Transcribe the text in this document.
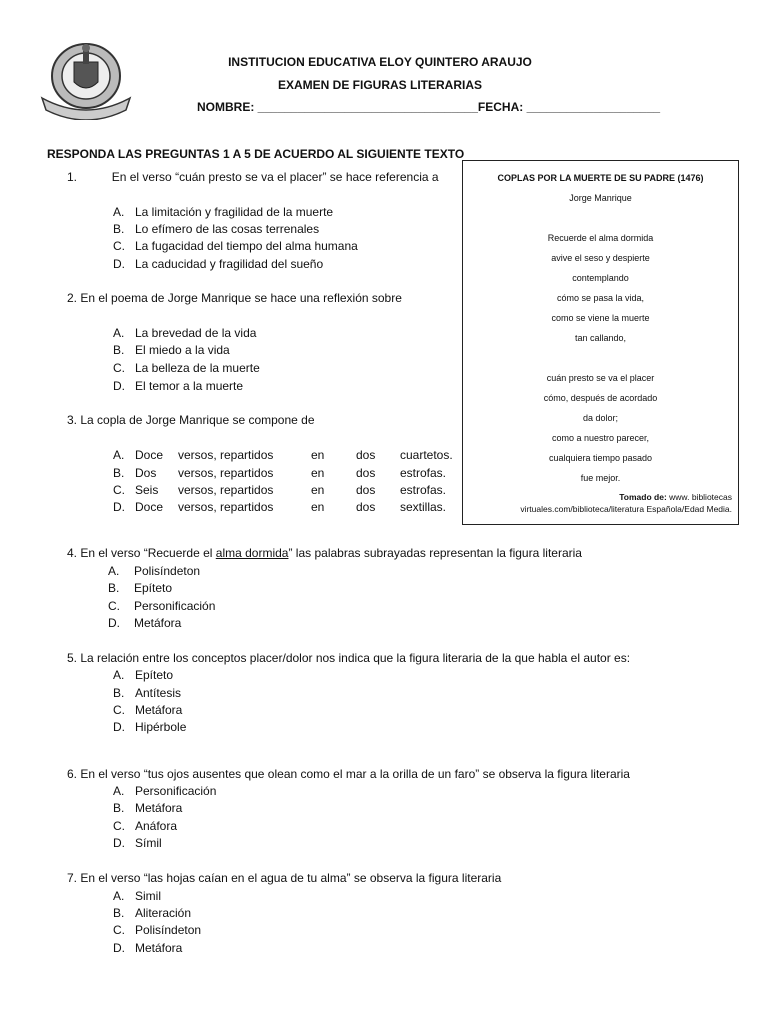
INSTITUCION EDUCATIVA ELOY QUINTERO ARAUJO
EXAMEN DE FIGURAS LITERARIAS
NOMBRE: _________________________________FECHA: ____________________
RESPONDA LAS PREGUNTAS 1 A 5 DE ACUERDO AL SIGUIENTE TEXTO
COPLAS POR LA MUERTE DE SU PADRE (1476)
Jorge Manrique
Recuerde el alma dormida
avive el seso y despierte
contemplando
cómo se pasa la vida,
como se viene la muerte
tan callando,
cuán presto se va el placer
cómo, después de acordado
da dolor;
como a nuestro parecer,
cualquiera tiempo pasado
fue mejor.
Tomado de: www. bibliotecas
virtuales.com/biblioteca/literatura Española/Edad Media.
1.	En el verso “cuán presto se va el placer” se hace referencia a
A. La limitación y fragilidad de la muerte
B. Lo efímero de las cosas terrenales
C. La fugacidad del tiempo del alma humana
D. La caducidad y fragilidad del sueño
2. En el poema de Jorge Manrique se hace una reflexión sobre
A. La brevedad de la vida
B. El miedo a la vida
C. La belleza de la muerte
D. El temor a la muerte
3. La copla de Jorge Manrique se compone de
A. Doce versos, repartidos	en	dos cuartetos.
B. Dos versos, repartidos	en	dos estrofas.
C. Seis versos, repartidos	en	dos estrofas.
D. Doce versos, repartidos	en	dos sextillas.
4. En el verso “Recuerde el alma dormida” las palabras subrayadas representan la figura literaria
A. Polisíndeton
B. Epíteto
C. Personificación
D. Metáfora
5. La relación entre los conceptos placer/dolor nos indica que la figura literaria de la que habla el autor es:
A. Epíteto
B. Antítesis
C. Metáfora
D. Hipérbole
6. En el verso “tus ojos ausentes que olean como el mar a la orilla de un faro” se observa la figura literaria
A. Personificación
B. Metáfora
C. Anáfora
D. Símil
7. En el verso “las hojas caían en el agua de tu alma” se observa la figura literaria
A. Simil
B. Aliteración
C. Polisíndeton
D. Metáfora
